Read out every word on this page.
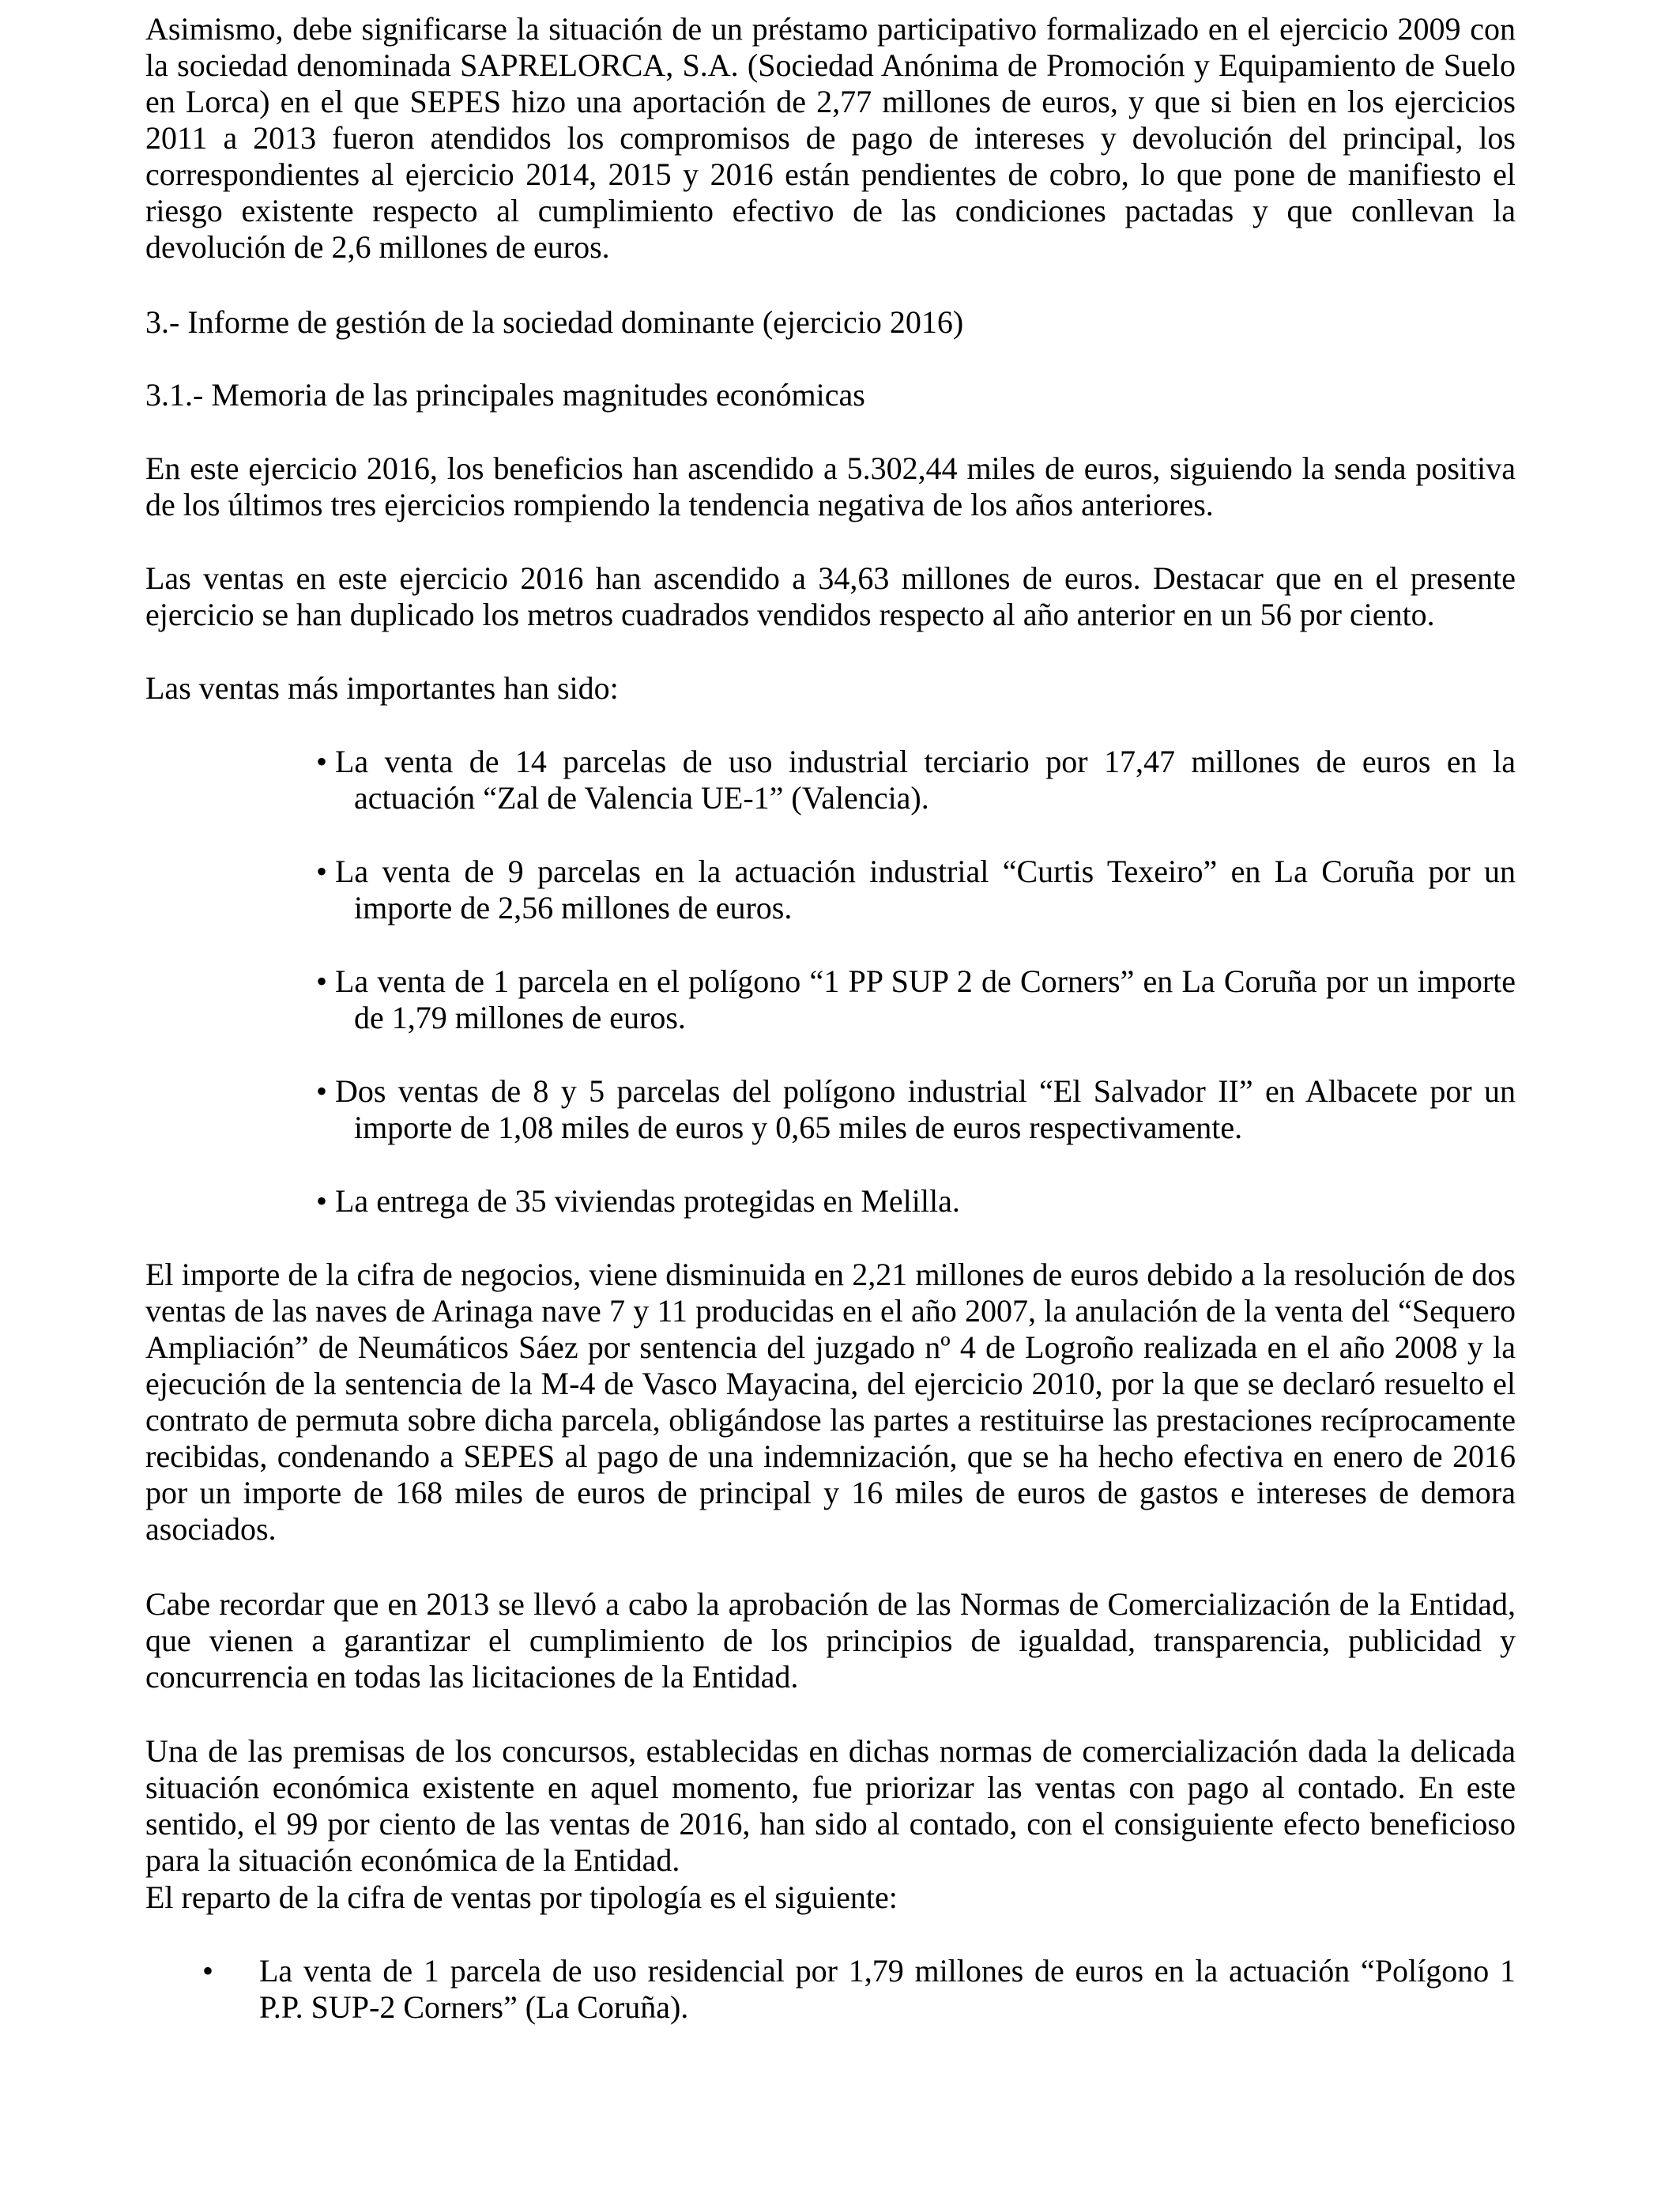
Asimismo, debe significarse la situación de un préstamo participativo formalizado en el ejercicio 2009 con la sociedad denominada SAPRELORCA, S.A. (Sociedad Anónima de Promoción y Equipamiento de Suelo en Lorca) en el que SEPES hizo una aportación de 2,77 millones de euros, y que si bien en los ejercicios 2011 a 2013 fueron atendidos los compromisos de pago de intereses y devolución del principal, los correspondientes al ejercicio 2014, 2015 y 2016 están pendientes de cobro, lo que pone de manifiesto el riesgo existente respecto al cumplimiento efectivo de las condiciones pactadas y que conllevan la devolución de 2,6 millones de euros.

3.- Informe de gestión de la sociedad dominante (ejercicio 2016)

3.1.- Memoria de las principales magnitudes económicas

En este ejercicio 2016, los beneficios han ascendido a 5.302,44 miles de euros, siguiendo la senda positiva de los últimos tres ejercicios rompiendo la tendencia negativa de los años anteriores.

Las ventas en este ejercicio 2016 han ascendido a 34,63 millones de euros. Destacar que en el presente ejercicio se han duplicado los metros cuadrados vendidos respecto al año anterior en un 56 por ciento.

Las ventas más importantes han sido:

• La venta de 14 parcelas de uso industrial terciario por 17,47 millones de euros en la actuación “Zal de Valencia UE-1” (Valencia).

• La venta de 9 parcelas en la actuación industrial “Curtis Texeiro” en La Coruña por un importe de 2,56 millones de euros.

• La venta de 1 parcela en el polígono “1 PP SUP 2 de Corners” en La Coruña por un importe de 1,79 millones de euros.

• Dos ventas de 8 y 5 parcelas del polígono industrial “El Salvador II” en Albacete por un importe de 1,08 miles de euros y 0,65 miles de euros respectivamente.

• La entrega de 35 viviendas protegidas en Melilla.

El importe de la cifra de negocios, viene disminuida en 2,21 millones de euros debido a la resolución de dos ventas de las naves de Arinaga nave 7 y 11 producidas en el año 2007, la anulación de la venta del “Sequero Ampliación” de Neumáticos Sáez por sentencia del juzgado nº 4 de Logroño realizada en el año 2008 y la ejecución de la sentencia de la M-4 de Vasco Mayacina, del ejercicio 2010, por la que se declaró resuelto el contrato de permuta sobre dicha parcela, obligándose las partes a restituirse las prestaciones recíprocamente recibidas, condenando a SEPES al pago de una indemnización, que se ha hecho efectiva en enero de 2016 por un importe de 168 miles de euros de principal y 16 miles de euros de gastos e intereses de demora asociados.

Cabe recordar que en 2013 se llevó a cabo la aprobación de las Normas de Comercialización de la Entidad, que vienen a garantizar el cumplimiento de los principios de igualdad, transparencia, publicidad y concurrencia en todas las licitaciones de la Entidad.

Una de las premisas de los concursos, establecidas en dichas normas de comercialización dada la delicada situación económica existente en aquel momento, fue priorizar las ventas con pago al contado. En este sentido, el 99 por ciento de las ventas de 2016, han sido al contado, con el consiguiente efecto beneficioso para la situación económica de la Entidad.

El reparto de la cifra de ventas por tipología es el siguiente:

•	La venta de 1 parcela de uso residencial por 1,79 millones de euros en la actuación “Polígono 1 P.P. SUP-2 Corners” (La Coruña).
